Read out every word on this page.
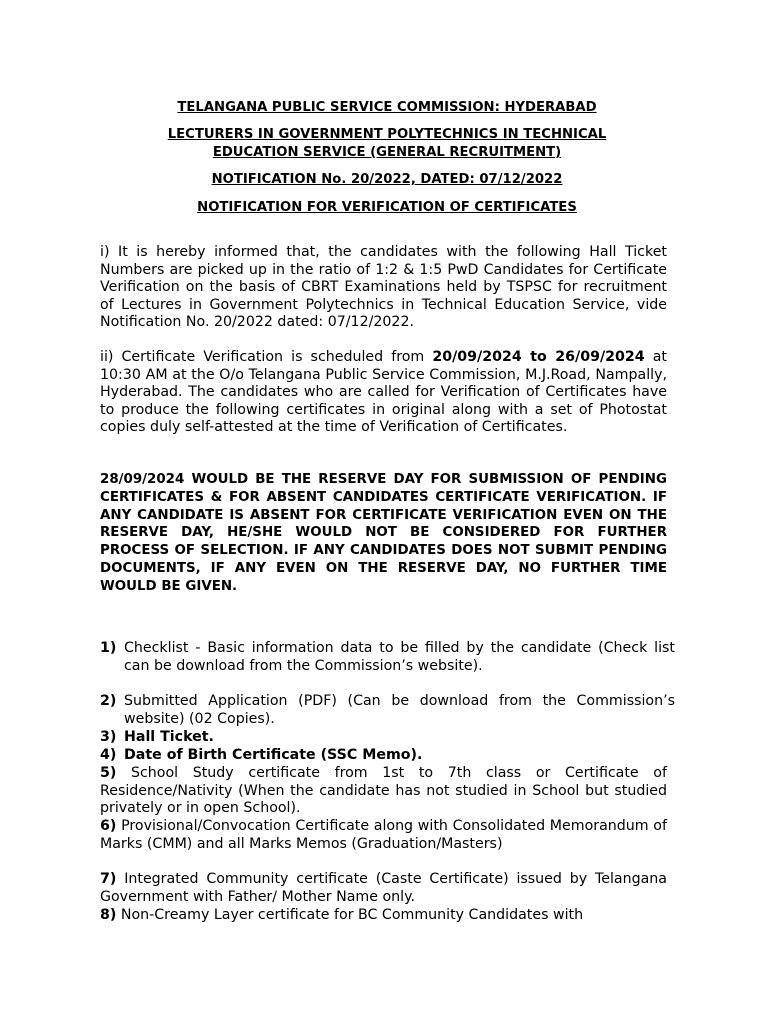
TELANGANA PUBLIC SERVICE COMMISSION: HYDERABAD
LECTURERS IN GOVERNMENT POLYTECHNICS IN TECHNICAL
EDUCATION SERVICE (GENERAL RECRUITMENT)
NOTIFICATION No. 20/2022, DATED: 07/12/2022
NOTIFICATION FOR VERIFICATION OF CERTIFICATES
i) It is hereby informed that, the candidates with the following Hall Ticket Numbers are picked up in the ratio of 1:2 & 1:5 PwD Candidates for Certificate Verification on the basis of CBRT Examinations held by TSPSC for recruitment of Lectures in Government Polytechnics in Technical Education Service, vide Notification No. 20/2022 dated: 07/12/2022.
ii) Certificate Verification is scheduled from 20/09/2024 to 26/09/2024 at 10:30 AM at the O/o Telangana Public Service Commission, M.J.Road, Nampally, Hyderabad. The candidates who are called for Verification of Certificates have to produce the following certificates in original along with a set of Photostat copies duly self-attested at the time of Verification of Certificates.
28/09/2024 WOULD BE THE RESERVE DAY FOR SUBMISSION OF PENDING CERTIFICATES & FOR ABSENT CANDIDATES CERTIFICATE VERIFICATION. IF ANY CANDIDATE IS ABSENT FOR CERTIFICATE VERIFICATION EVEN ON THE RESERVE DAY, HE/SHE WOULD NOT BE CONSIDERED FOR FURTHER PROCESS OF SELECTION. IF ANY CANDIDATES DOES NOT SUBMIT PENDING DOCUMENTS, IF ANY EVEN ON THE RESERVE DAY, NO FURTHER TIME WOULD BE GIVEN.
1) Checklist - Basic information data to be filled by the candidate (Check list can be download from the Commission’s website).
2) Submitted Application (PDF) (Can be download from the Commission’s website) (02 Copies).
3) Hall Ticket.
4) Date of Birth Certificate (SSC Memo).
5) School Study certificate from 1st to 7th class or Certificate of Residence/Nativity (When the candidate has not studied in School but studied privately or in open School).
6) Provisional/Convocation Certificate along with Consolidated Memorandum of Marks (CMM) and all Marks Memos (Graduation/Masters)
7) Integrated Community certificate (Caste Certificate) issued by Telangana Government with Father/ Mother Name only.
8) Non-Creamy Layer certificate for BC Community Candidates with
